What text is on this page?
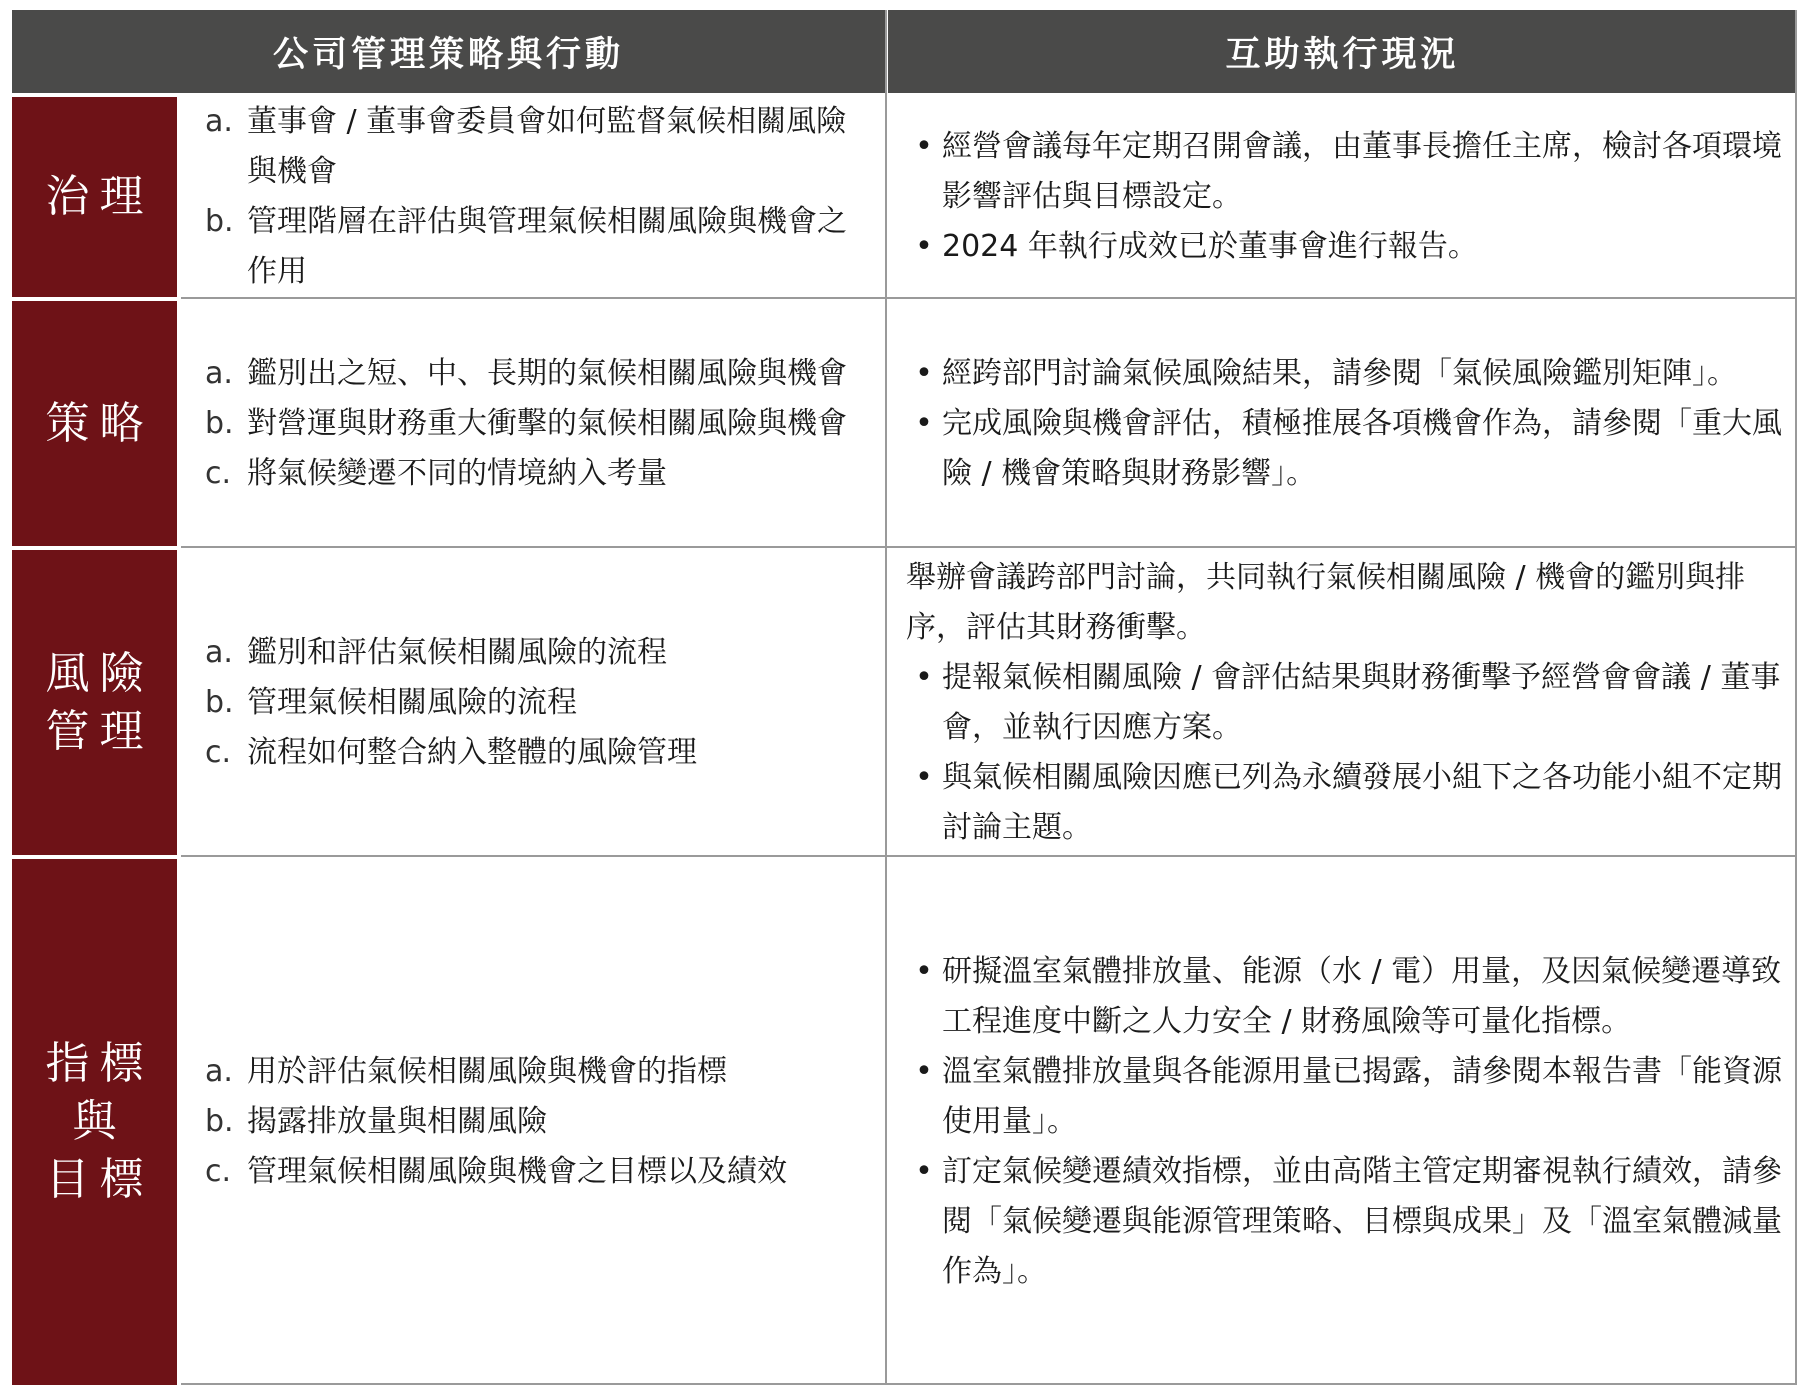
公司管理策略與行動	互助執行現況
治理
a. 董事會 / 董事會委員會如何監督氣候相關風險與機會
b. 管理階層在評估與管理氣候相關風險與機會之作用
• 經營會議每年定期召開會議，由董事長擔任主席，檢討各項環境影響評估與目標設定。
• 2024 年執行成效已於董事會進行報告。
策略
a. 鑑別出之短、中、長期的氣候相關風險與機會
b. 對營運與財務重大衝擊的氣候相關風險與機會
c. 將氣候變遷不同的情境納入考量
• 經跨部門討論氣候風險結果，請參閱「氣候風險鑑別矩陣」。
• 完成風險與機會評估，積極推展各項機會作為，請參閱「重大風險 / 機會策略與財務影響」。
風險
管理
a. 鑑別和評估氣候相關風險的流程
b. 管理氣候相關風險的流程
c. 流程如何整合納入整體的風險管理
舉辦會議跨部門討論，共同執行氣候相關風險 / 機會的鑑別與排序，評估其財務衝擊。
• 提報氣候相關風險 / 會評估結果與財務衝擊予經營會會議 / 董事會，並執行因應方案。
• 與氣候相關風險因應已列為永續發展小組下之各功能小組不定期討論主題。
指標
與
目標
a. 用於評估氣候相關風險與機會的指標
b. 揭露排放量與相關風險
c. 管理氣候相關風險與機會之目標以及績效
• 研擬溫室氣體排放量、能源（水 / 電）用量，及因氣候變遷導致工程進度中斷之人力安全 / 財務風險等可量化指標。
• 溫室氣體排放量與各能源用量已揭露，請參閱本報告書「能資源使用量」。
• 訂定氣候變遷績效指標，並由高階主管定期審視執行績效，請參閱「氣候變遷與能源管理策略、目標與成果」及「溫室氣體減量作為」。
